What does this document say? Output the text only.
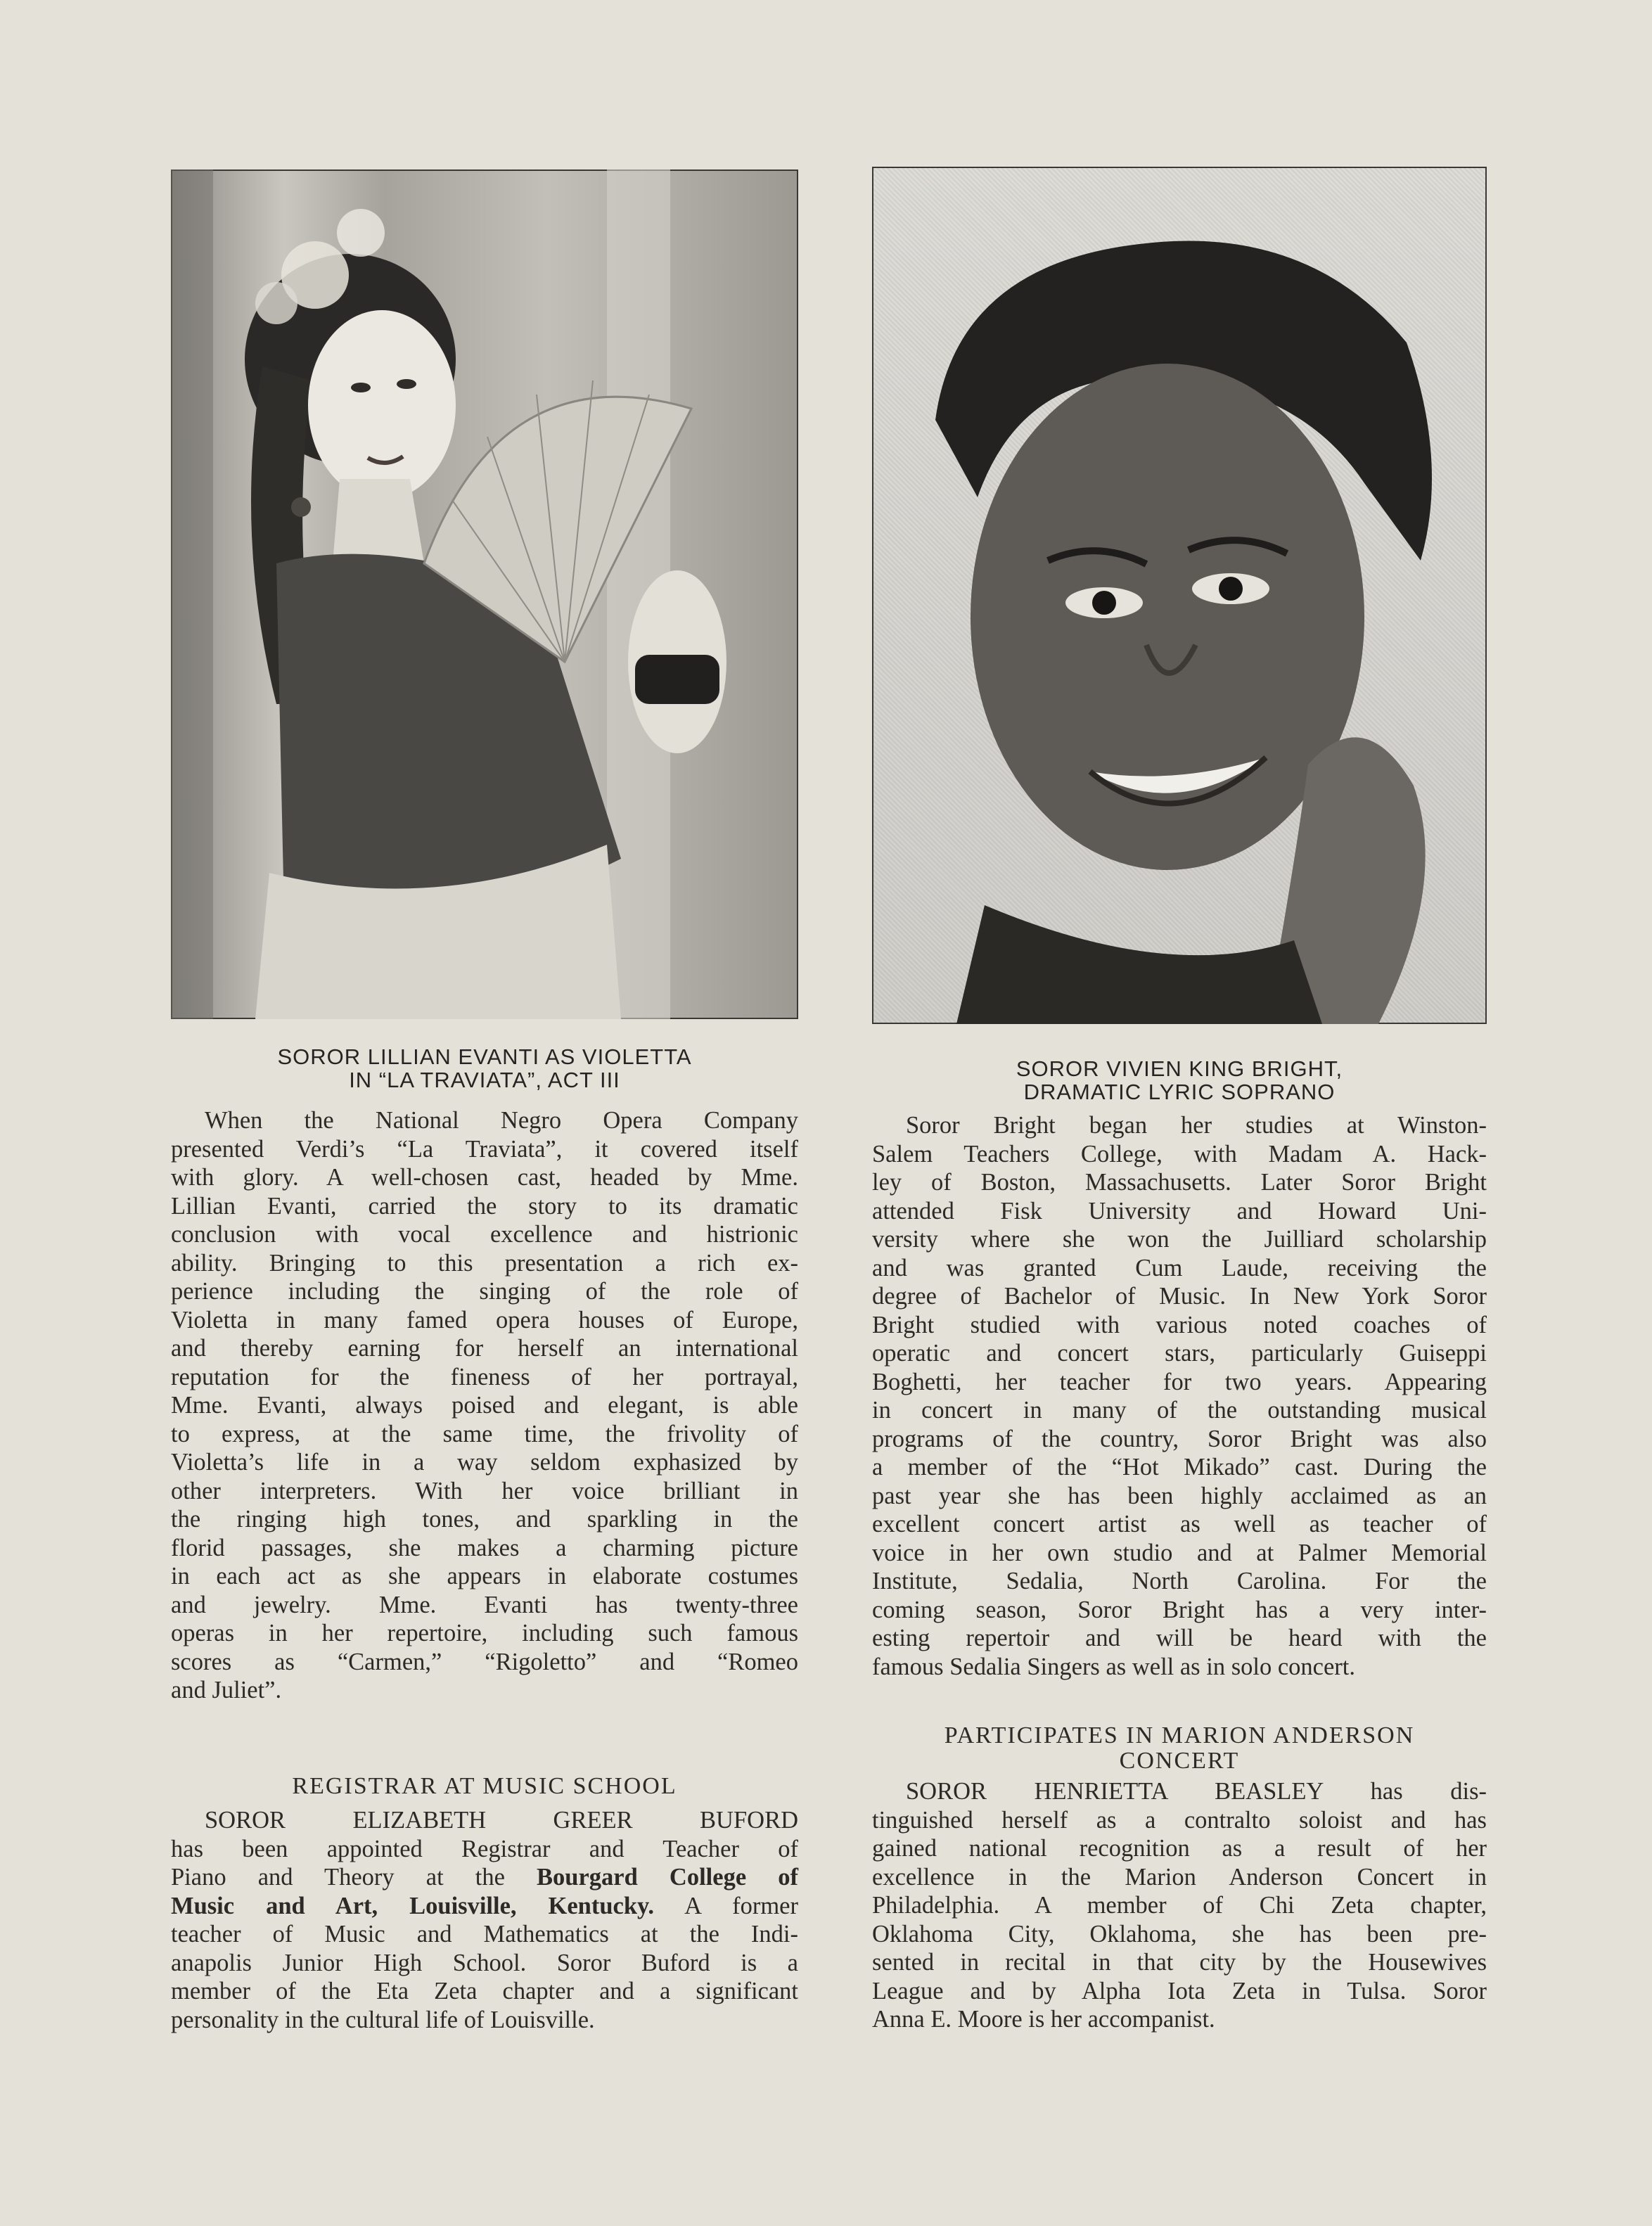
SOROR LILLIAN EVANTI AS VIOLETTA
IN “LA TRAVIATA”, ACT III	SOROR VIVIEN KING BRIGHT,
DRAMATIC LYRIC SOPRANO
When the National Negro Opera Company
presented Verdi’s “La Traviata”, it covered itself
with glory. A well-chosen cast, headed by Mme.
Lillian Evanti, carried the story to its dramatic
conclusion with vocal excellence and histrionic
ability. Bringing to this presentation a rich ex-
perience including the singing of the role of
Violetta in many famed opera houses of Europe,
and thereby earning for herself an international
reputation for the fineness of her portrayal,
Mme. Evanti, always poised and elegant, is able
to express, at the same time, the frivolity of
Violetta’s life in a way seldom exphasized by
other interpreters. With her voice brilliant in
the ringing high tones, and sparkling in the
florid passages, she makes a charming picture
in each act as she appears in elaborate costumes
and jewelry. Mme. Evanti has twenty-three
operas in her repertoire, including such famous
scores as “Carmen,” “Rigoletto” and “Romeo
and Juliet”.
REGISTRAR AT MUSIC SCHOOL
SOROR ELIZABETH GREER BUFORD
has been appointed Registrar and Teacher of
Piano and Theory at the Bourgard College of
Music and Art, Louisville, Kentucky. A former
teacher of Music and Mathematics at the Indi-
anapolis Junior High School. Soror Buford is a
member of the Eta Zeta chapter and a significant
personality in the cultural life of Louisville.
Soror Bright began her studies at Winston-
Salem Teachers College, with Madam A. Hack-
ley of Boston, Massachusetts. Later Soror Bright
attended Fisk University and Howard Uni-
versity where she won the Juilliard scholarship
and was granted Cum Laude, receiving the
degree of Bachelor of Music. In New York Soror
Bright studied with various noted coaches of
operatic and concert stars, particularly Guiseppi
Boghetti, her teacher for two years. Appearing
in concert in many of the outstanding musical
programs of the country, Soror Bright was also
a member of the “Hot Mikado” cast. During the
past year she has been highly acclaimed as an
excellent concert artist as well as teacher of
voice in her own studio and at Palmer Memorial
Institute, Sedalia, North Carolina. For the
coming season, Soror Bright has a very inter-
esting repertoir and will be heard with the
famous Sedalia Singers as well as in solo concert.
PARTICIPATES IN MARION ANDERSON
CONCERT
SOROR HENRIETTA BEASLEY has dis-
tinguished herself as a contralto soloist and has
gained national recognition as a result of her
excellence in the Marion Anderson Concert in
Philadelphia. A member of Chi Zeta chapter,
Oklahoma City, Oklahoma, she has been pre-
sented in recital in that city by the Housewives
League and by Alpha Iota Zeta in Tulsa. Soror
Anna E. Moore is her accompanist.
